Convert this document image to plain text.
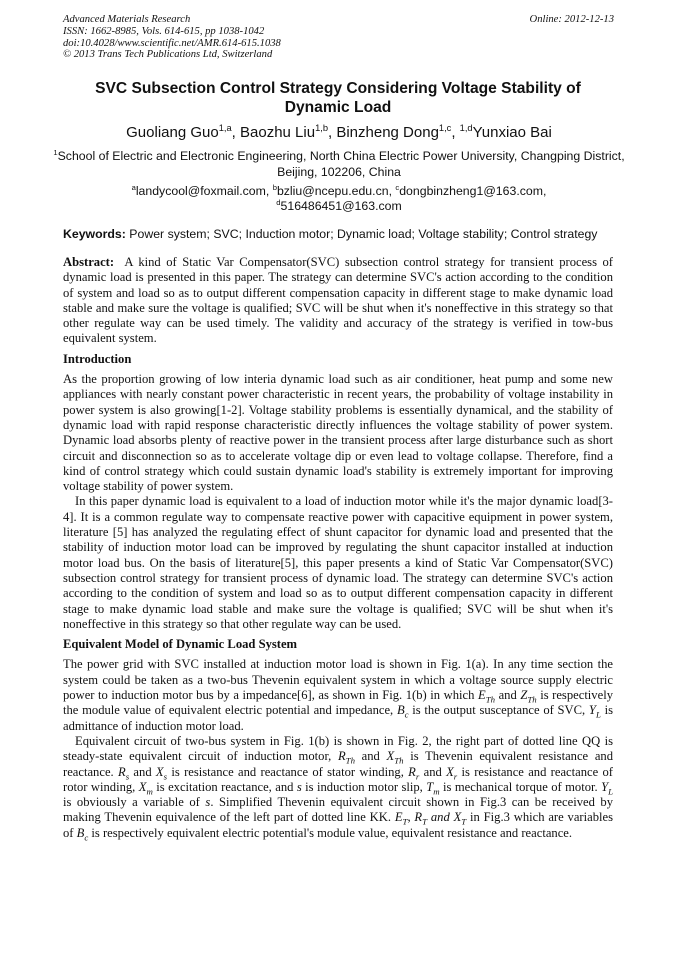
Advanced Materials Research
ISSN: 1662-8985, Vols. 614-615, pp 1038-1042
doi:10.4028/www.scientific.net/AMR.614-615.1038
© 2013 Trans Tech Publications Ltd, Switzerland
Online: 2012-12-13
SVC Subsection Control Strategy Considering Voltage Stability of Dynamic Load
Guoliang Guo$^{1,a}$, Baozhu Liu$^{1,b}$, Binzheng Dong$^{1,c}$, $^{1,d}$Yunxiao Bai
$^1$School of Electric and Electronic Engineering, North China Electric Power University, Changping District, Beijing, 102206, China
$^a$landycool@foxmail.com, $^b$bzliu@ncepu.edu.cn, $^c$dongbinzheng1@163.com,
$^d$516486451@163.com
Keywords: Power system; SVC; Induction motor; Dynamic load; Voltage stability; Control strategy

Abstract:  A kind of Static Var Compensator(SVC) subsection control strategy for transient process of dynamic load is presented in this paper. The strategy can determine SVC's action according to the condition of system and load so as to output different compensation capacity in different stage to make dynamic load stable and make sure the voltage is qualified; SVC will be shut when it's noneffective in this strategy so that other regulate way can be used timely. The validity and accuracy of the strategy is verified in tow-bus equivalent system.

Introduction

As the proportion growing of low interia dynamic load such as air conditioner, heat pump and some new appliances with nearly constant power characteristic in recent years, the probability of voltage instability in power system is also growing[1-2]. Voltage stability problems is essentially dynamical, and the stability of dynamic load with rapid response characteristic directly influences the voltage stability of power system. Dynamic load absorbs plenty of reactive power in the transient process after large disturbance such as short circuit and disconnection so as to accelerate voltage dip or even lead to voltage collapse. Therefore, find a kind of control strategy which could sustain dynamic load's stability is extremely important for improving voltage stability of power system.

In this paper dynamic load is equivalent to a load of induction motor while it's the major dynamic load[3-4]. It is a common regulate way to compensate reactive power with capacitive equipment in power system, literature [5] has analyzed the regulating effect of shunt capacitor for dynamic load and presented that the stability of induction motor load can be improved by regulating the shunt capacitor installed at induction motor load bus. On the basis of literature[5], this paper presents a kind of Static Var Compensator(SVC) subsection control strategy for transient process of dynamic load. The strategy can determine SVC's action according to the condition of system and load so as to output different compensation capacity in different stage to make dynamic load stable and make sure the voltage is qualified; SVC will be shut when it's noneffective in this strategy so that other regulate way can be used.

Equivalent Model of Dynamic Load System

The power grid with SVC installed at induction motor load is shown in Fig. 1(a). In any time section the system could be taken as a two-bus Thevenin equivalent system in which a voltage source supply electric power to induction motor bus by a impedance[6], as shown in Fig. 1(b) in which $E_{Th}$ and $Z_{Th}$ is respectively the module value of equivalent electric potential and impedance, $B_c$ is the output susceptance of SVC, $Y_L$ is admittance of induction motor load.

Equivalent circuit of two-bus system in Fig. 1(b) is shown in Fig. 2, the right part of dotted line QQ is steady-state equivalent circuit of induction motor, $R_{Th}$ and $X_{Th}$ is Thevenin equivalent resistance and reactance. $R_s$ and $X_s$ is resistance and reactance of stator winding, $R_r$ and $X_r$ is resistance and reactance of rotor winding, $X_m$ is excitation reactance, and s is induction motor slip, $T_m$ is mechanical torque of motor. $Y_L$ is obviously a variable of s. Simplified Thevenin equivalent circuit shown in Fig.3 can be received by making Thevenin equivalence of the left part of dotted line KK. $E_T$, $R_T$ and $X_T$ in Fig.3 which are variables of $B_c$ is respectively equivalent electric potential's module value, equivalent resistance and reactance.
